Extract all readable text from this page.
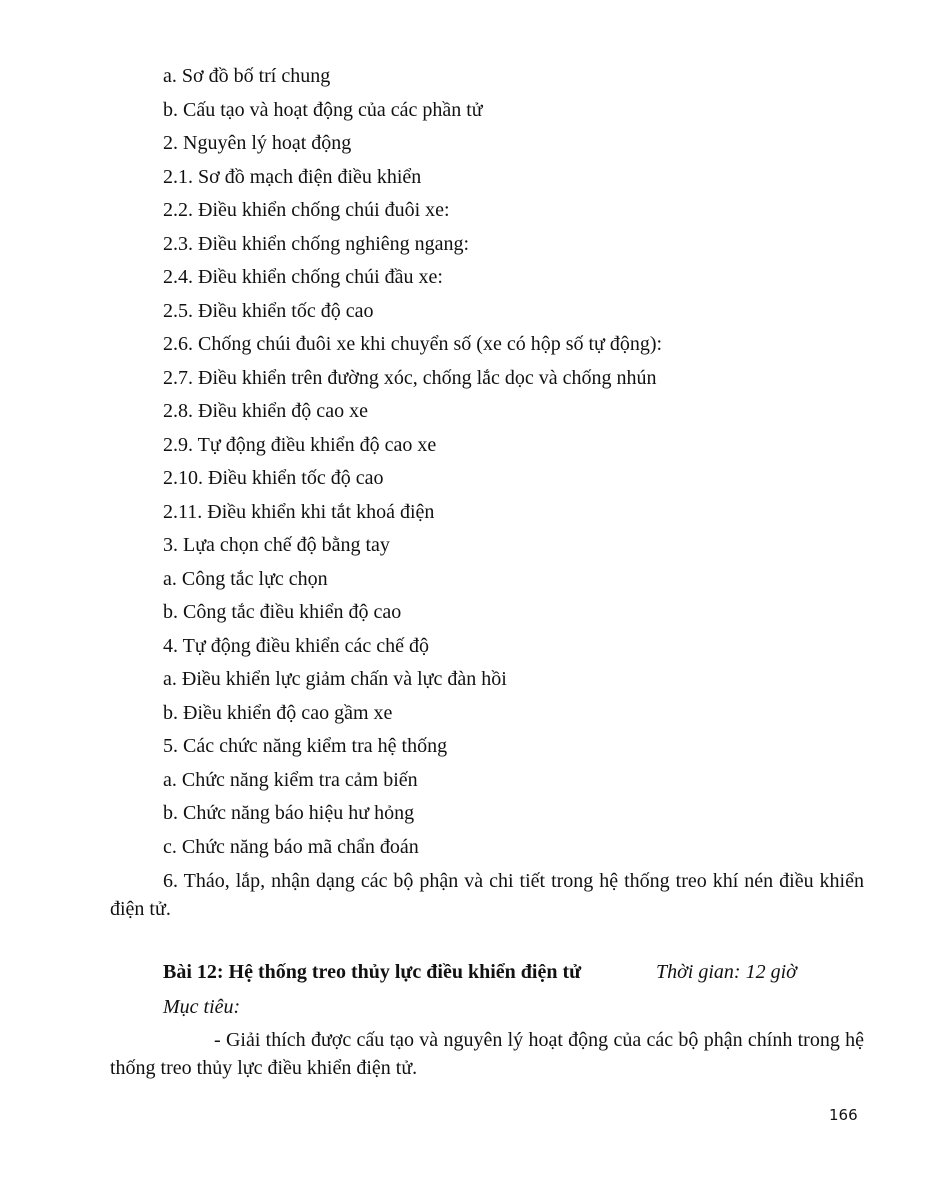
a. Sơ đồ bố trí chung
b. Cấu tạo và hoạt động của các phần tử
2. Nguyên lý hoạt động
2.1. Sơ đồ mạch điện điều khiển
2.2. Điều khiển chống chúi đuôi xe:
2.3. Điều khiển chống nghiêng ngang:
2.4. Điều khiển chống chúi đầu xe:
2.5. Điều khiển tốc độ cao
2.6. Chống chúi đuôi xe khi chuyển số (xe có hộp số tự động):
2.7. Điều khiển trên đường xóc, chống lắc dọc và chống nhún
2.8. Điều khiển độ cao xe
2.9. Tự động điều khiển độ cao xe
2.10. Điều khiển tốc độ cao
2.11. Điều khiển khi tắt khoá điện
3. Lựa chọn chế độ bằng tay
a. Công tắc lực chọn
b. Công tắc điều khiển độ cao
4. Tự động điều khiển các chế độ
a. Điều khiển lực giảm chấn và lực đàn hồi
b. Điều khiển độ cao gầm xe
5. Các chức năng kiểm tra hệ thống
a. Chức năng kiểm tra cảm biến
b. Chức năng báo hiệu hư hỏng
c. Chức năng báo mã chẩn đoán
6. Tháo, lắp, nhận dạng các bộ phận và chi tiết trong hệ thống treo khí nén điều khiển điện tử.
Bài 12: Hệ thống treo thủy lực điều khiển điện tử	Thời gian: 12 giờ
Mục tiêu:
- Giải thích được cấu tạo và nguyên lý hoạt động của các bộ phận chính trong hệ thống treo thủy lực điều khiển điện tử.
166
